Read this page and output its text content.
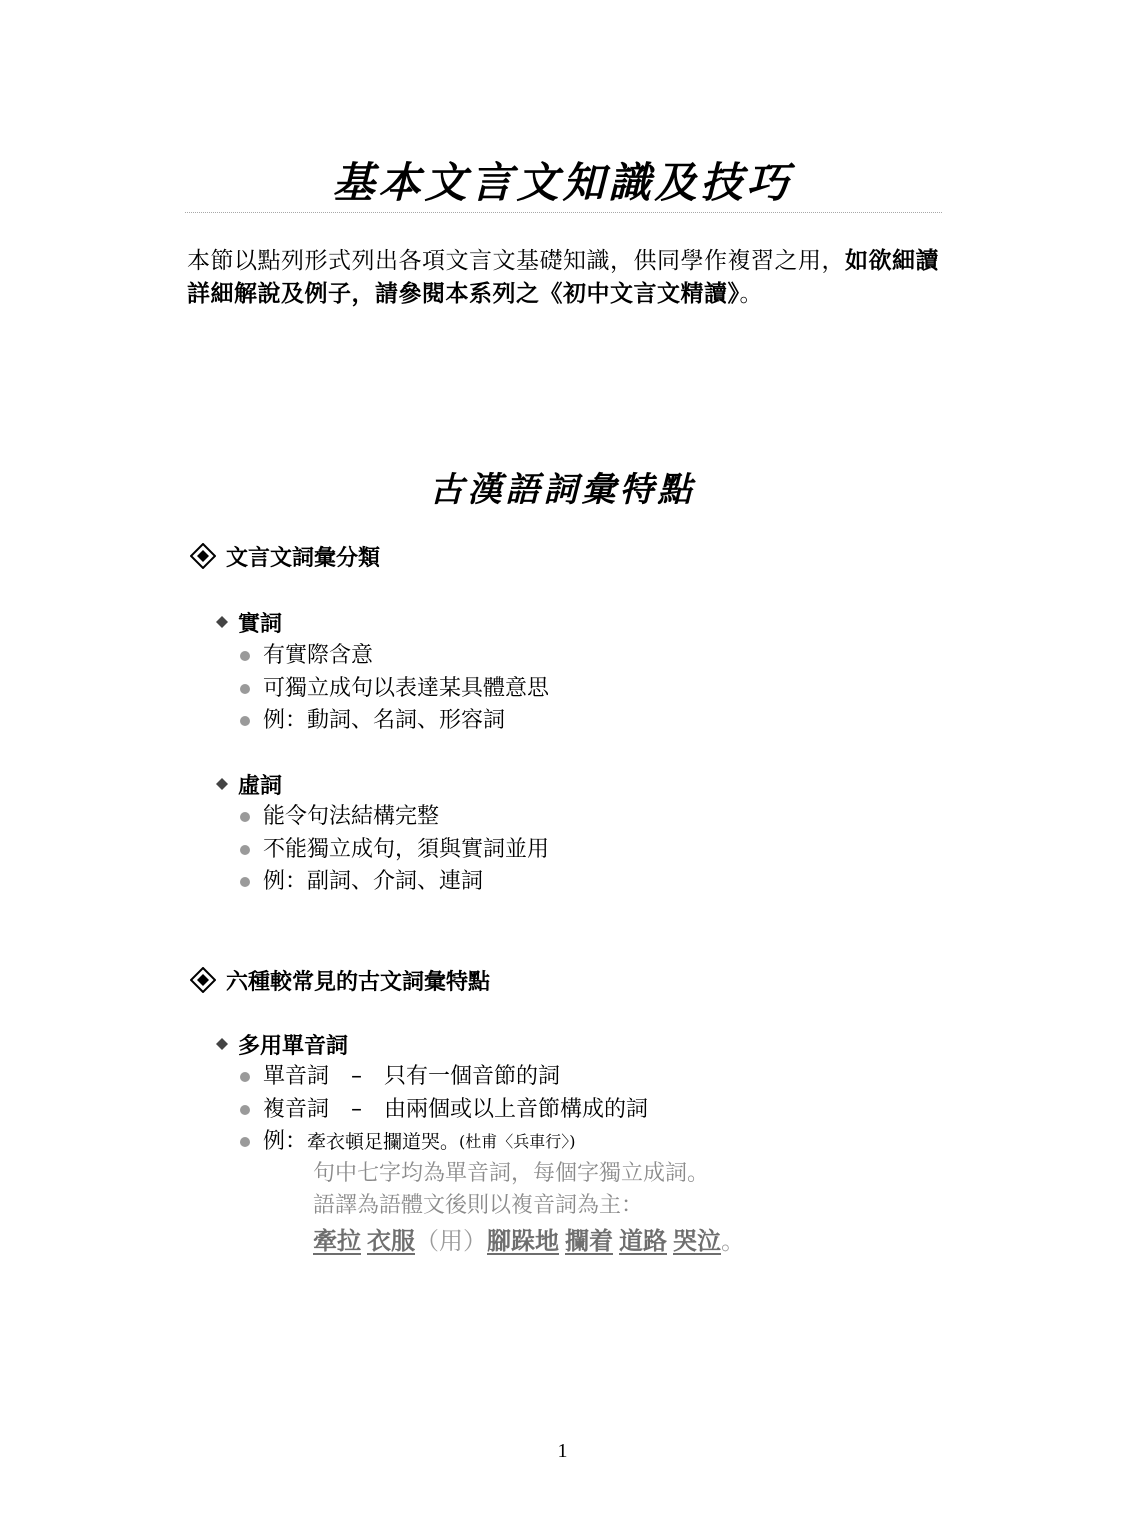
基本文言文知識及技巧
本節以點列形式列出各項文言文基礎知識，供同學作複習之用，如欲細讀詳細解說及例子，請參閱本系列之《初中文言文精讀》。
古漢語詞彙特點
文言文詞彙分類
實詞
有實際含意
可獨立成句以表達某具體意思
例：動詞、名詞、形容詞
虛詞
能令句法結構完整
不能獨立成句，須與實詞並用
例：副詞、介詞、連詞
六種較常見的古文詞彙特點
多用單音詞
單音詞 – 只有一個音節的詞
複音詞 – 由兩個或以上音節構成的詞
例： 牽衣頓足攔道哭。 (杜甫〈兵車行〉)
句中七字均為單音詞，每個字獨立成詞。
語譯為語體文後則以複音詞為主：
牽拉 衣服（用）腳跺地 攔着 道路 哭泣。
1
